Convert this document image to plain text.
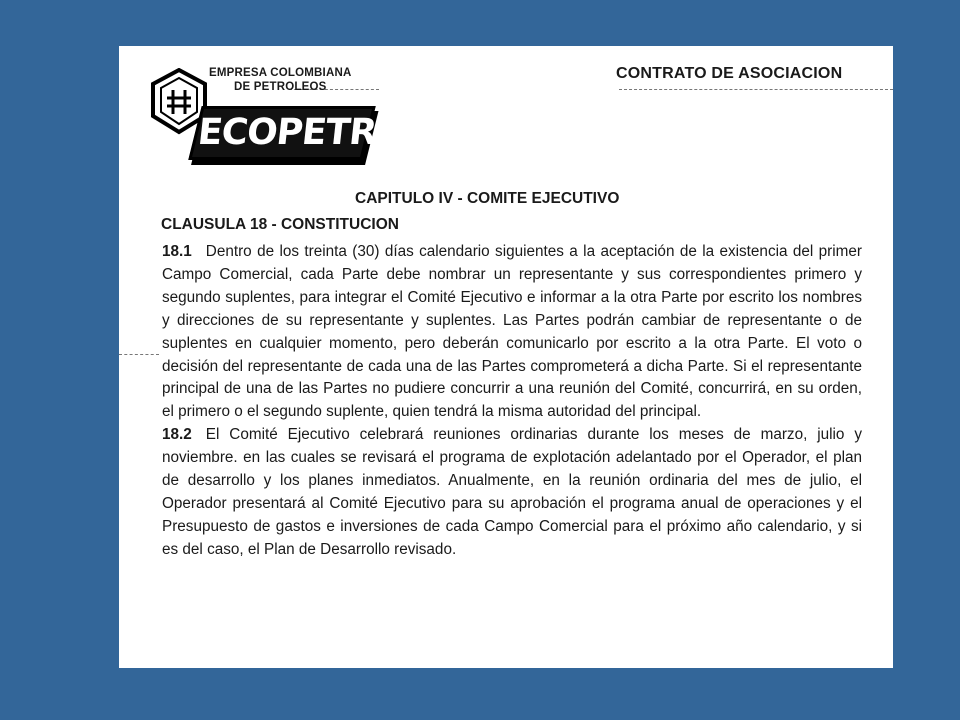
EMPRESA COLOMBIANA
DE PETROLEOS
ECOPETROL
CONTRATO DE ASOCIACION
CAPITULO IV - COMITE EJECUTIVO
CLAUSULA 18 - CONSTITUCION

18.1 Dentro de los treinta (30) días calendario siguientes a la aceptación de la existencia del primer Campo Comercial, cada Parte debe nombrar un representante y sus correspondientes primero y segundo suplentes, para integrar el Comité Ejecutivo e informar a la otra Parte por escrito los nombres y direcciones de su representante y suplentes. Las Partes podrán cambiar de representante o de suplentes en cualquier momento, pero deberán comunicarlo por escrito a la otra Parte. El voto o decisión del representante de cada una de las Partes comprometerá a dicha Parte. Si el representante principal de una de las Partes no pudiere concurrir a una reunión del Comité, concurrirá, en su orden, el primero o el segundo suplente, quien tendrá la misma autoridad del principal.

18.2 El Comité Ejecutivo celebrará reuniones ordinarias durante los meses de marzo, julio y noviembre. en las cuales se revisará el programa de explotación adelantado por el Operador, el plan de desarrollo y los planes inmediatos. Anualmente, en la reunión ordinaria del mes de julio, el Operador presentará al Comité Ejecutivo para su aprobación el programa anual de operaciones y el Presupuesto de gastos e inversiones de cada Campo Comercial para el próximo año calendario, y si es del caso, el Plan de Desarrollo revisado.
